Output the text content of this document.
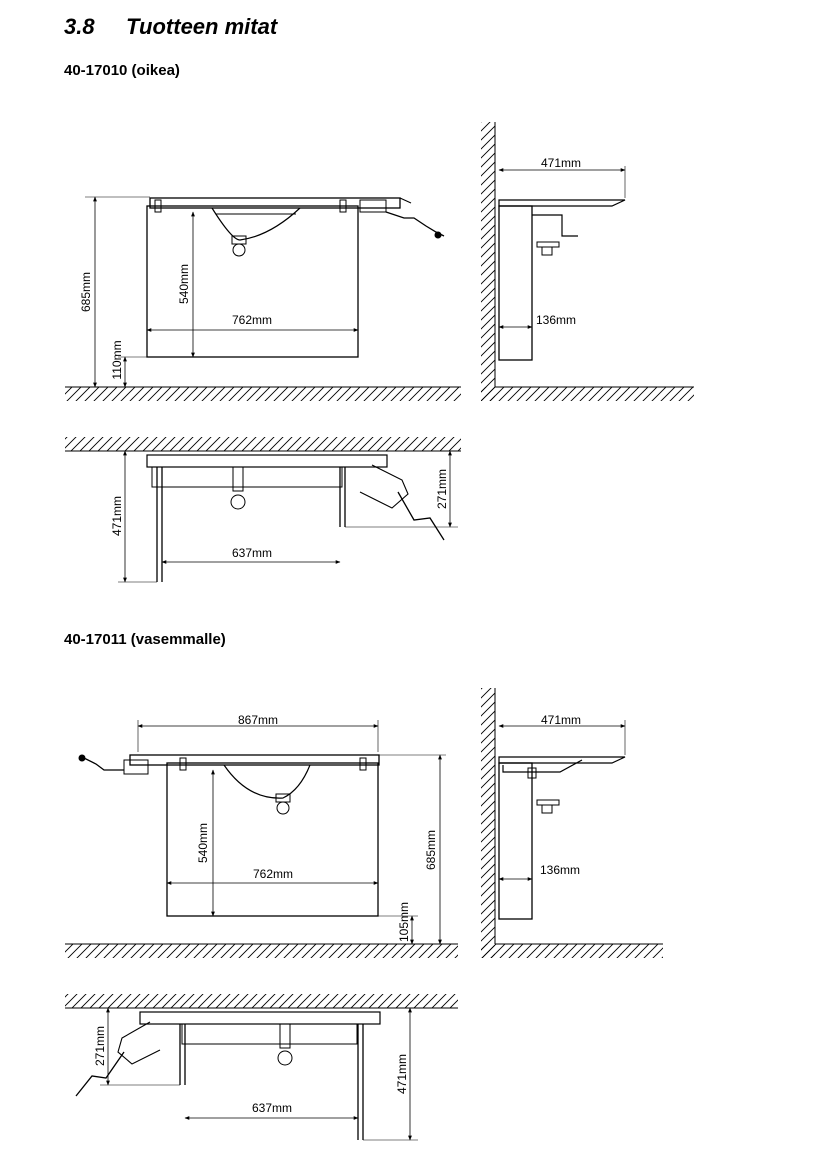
3.8 Tuotteen mitat
40-17010 (oikea)
40-17011 (vasemmalle)
685mm	540mm
762mm
110mm
471mm
136mm
471mm
637mm
271mm
867mm
540mm
762mm
685mm
105mm
471mm
136mm
271mm
637mm
471mm
